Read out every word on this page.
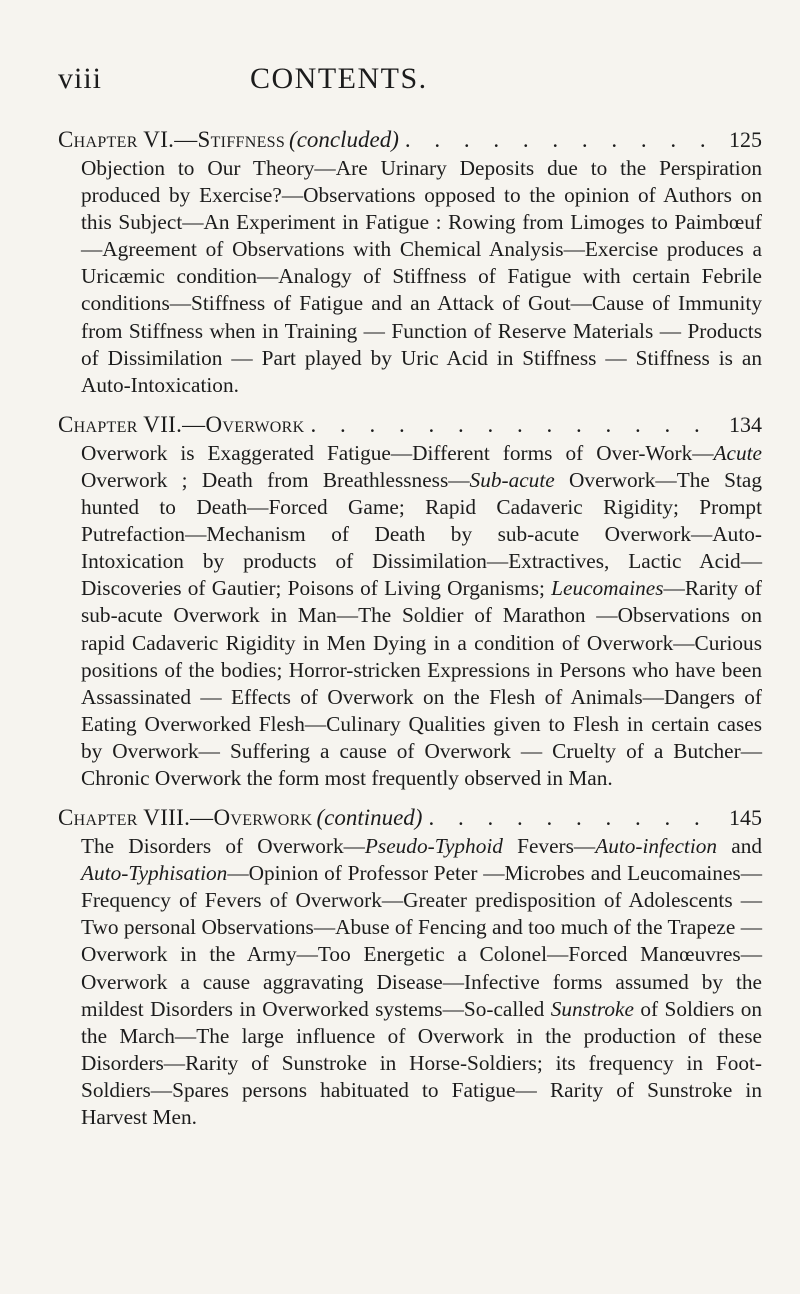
viii	CONTENTS.
Chapter VI.—Stiffness (concluded) . . .	125

Objection to Our Theory—Are Urinary Deposits due to the Perspiration produced by Exercise?—Observations opposed to the opinion of Authors on this Subject—An Experiment in Fatigue : Rowing from Limoges to Paimbœuf—Agreement of Observations with Chemical Analysis—Exercise produces a Uricæmic condition—Analogy of Stiffness of Fatigue with certain Febrile conditions—Stiffness of Fatigue and an Attack of Gout—Cause of Immunity from Stiffness when in Training — Function of Reserve Materials — Products of Dissimilation — Part played by Uric Acid in Stiffness — Stiffness is an Auto-Intoxication.

Chapter VII.—Overwork . . .	134

Overwork is Exaggerated Fatigue—Different forms of Over-Work—Acute Overwork ; Death from Breathlessness—Sub-acute Overwork—The Stag hunted to Death—Forced Game; Rapid Cadaveric Rigidity; Prompt Putrefaction—Mechanism of Death by sub-acute Overwork—Auto-Intoxication by products of Dissimilation—Extractives, Lactic Acid—Discoveries of Gautier; Poisons of Living Organisms; Leucomaines—Rarity of sub-acute Overwork in Man—The Soldier of Marathon —Observations on rapid Cadaveric Rigidity in Men Dying in a condition of Overwork—Curious positions of the bodies; Horror-stricken Expressions in Persons who have been Assassinated — Effects of Overwork on the Flesh of Animals—Dangers of Eating Overworked Flesh—Culinary Qualities given to Flesh in certain cases by Overwork— Suffering a cause of Overwork — Cruelty of a Butcher— Chronic Overwork the form most frequently observed in Man.

Chapter VIII.—Overwork (continued) . . .	145

The Disorders of Overwork—Pseudo-Typhoid Fevers—Auto-infection and Auto-Typhisation—Opinion of Professor Peter —Microbes and Leucomaines—Frequency of Fevers of Overwork—Greater predisposition of Adolescents —Two personal Observations—Abuse of Fencing and too much of the Trapeze —Overwork in the Army—Too Energetic a Colonel—Forced Manœuvres—Overwork a cause aggravating Disease—Infective forms assumed by the mildest Disorders in Overworked systems—So-called Sunstroke of Soldiers on the March—The large influence of Overwork in the production of these Disorders—Rarity of Sunstroke in Horse-Soldiers; its frequency in Foot-Soldiers—Spares persons habituated to Fatigue— Rarity of Sunstroke in Harvest Men.
